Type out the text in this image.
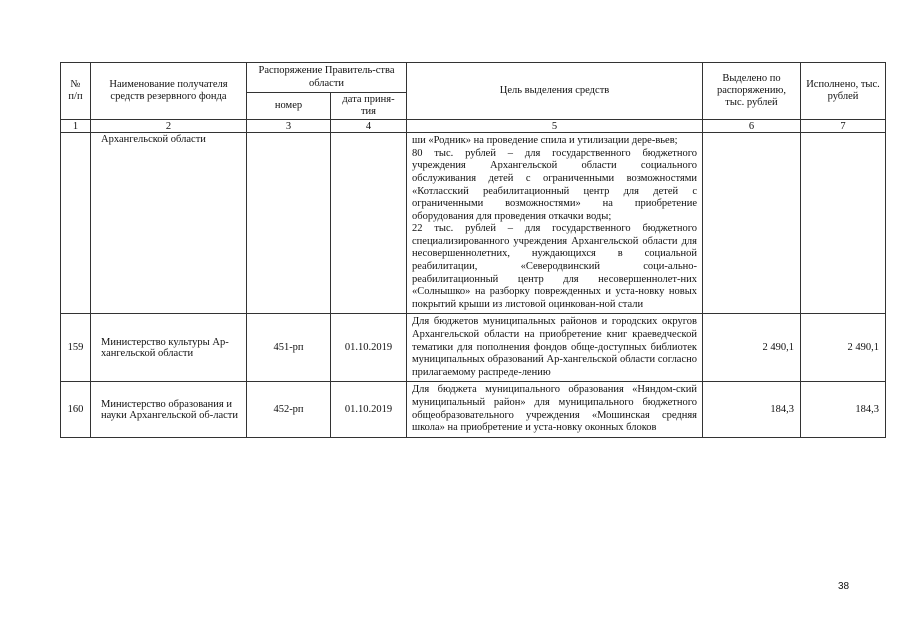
№ п/п	Наименование получателя средств резервного фонда	Распоряжение Правитель-ства области		Цель выделения средств	Выделено по распоряжению, тыс. рублей	Исполнено, тыс. рублей
		номер	дата приня-тия			
1	2	3	4	5	6	7
	Архангельской области			ши «Родник» на проведение спила и утилизации дере-вьев;
80 тыс. рублей – для государственного бюджетного учреждения Архангельской области социального обслуживания детей с ограниченными возможностями «Котласский реабилитационный центр для детей с ограниченными возможностями» на приобретение оборудования для проведения откачки воды;
22 тыс. рублей – для государственного бюджетного специализированного учреждения Архангельской области для несовершеннолетних, нуждающихся в социальной реабилитации, «Северодвинский соци-ально-реабилитационный центр для несовершеннолет-них «Солнышко» на разборку поврежденных и уста-новку новых покрытий крыши из листовой оцинкован-ной стали		

159	Министерство культуры Ар-хангельской области	451-рп	01.10.2019	Для бюджетов муниципальных районов и городских округов Архангельской области на приобретение книг краеведческой тематики для пополнения фондов обще-доступных библиотек муниципальных образований Ар-хангельской области согласно прилагаемому распреде-лению	2 490,1	2 490,1
160	Министерство образования и науки Архангельской об-ласти	452-рп	01.10.2019	Для бюджета муниципального образования «Няндом-ский муниципальный район» для муниципального бюджетного общеобразовательного учреждения «Мошинская средняя школа» на приобретение и уста-новку оконных блоков	184,3	184,3
38
